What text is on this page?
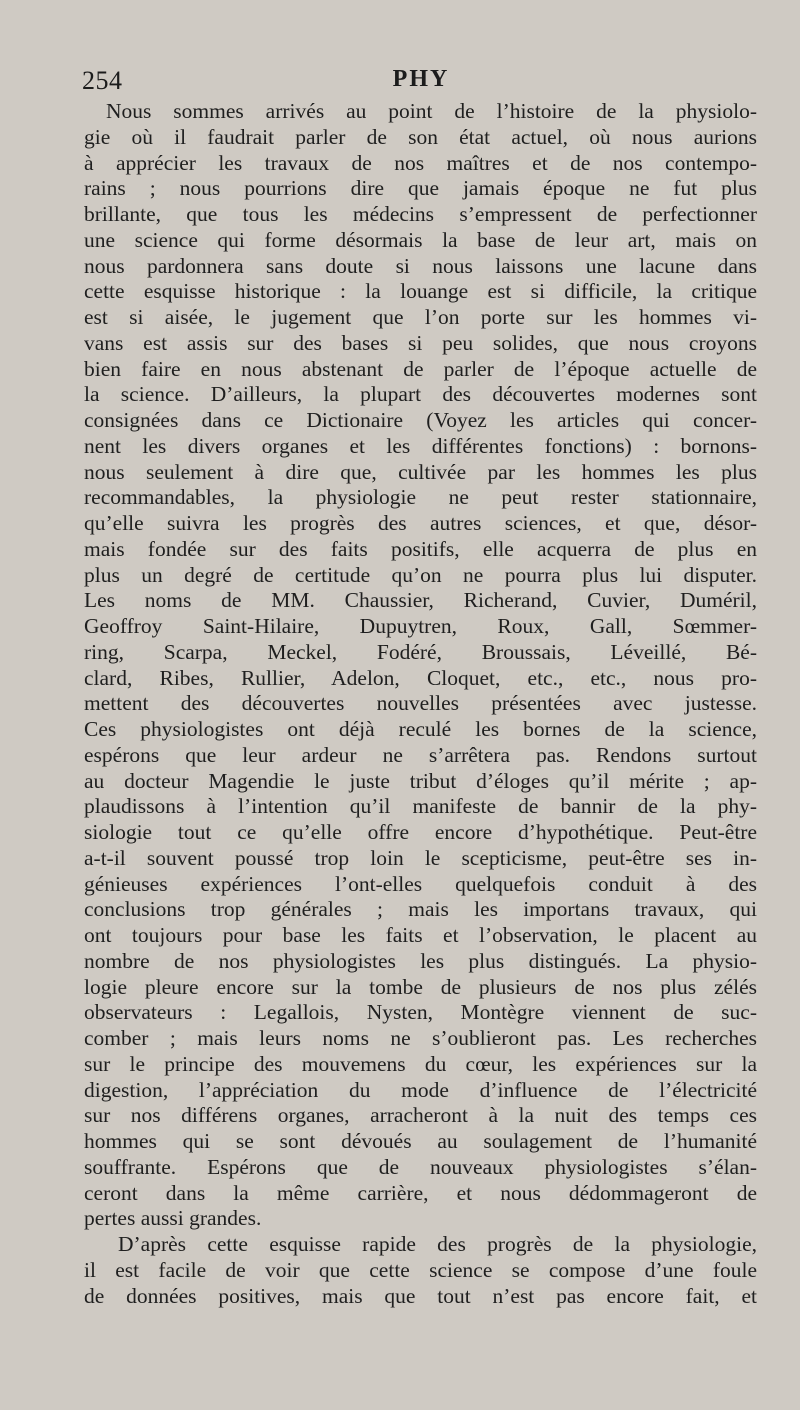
254	PHY
Nous sommes arrivés au point de l’histoire de la physiolo-
gie où il faudrait parler de son état actuel, où nous aurions
à apprécier les travaux de nos maîtres et de nos contempo-
rains ; nous pourrions dire que jamais époque ne fut plus
brillante, que tous les médecins s’empressent de perfectionner
une science qui forme désormais la base de leur art, mais on
nous pardonnera sans doute si nous laissons une lacune dans
cette esquisse historique : la louange est si difficile, la critique
est si aisée, le jugement que l’on porte sur les hommes vi-
vans est assis sur des bases si peu solides, que nous croyons
bien faire en nous abstenant de parler de l’époque actuelle de
la science. D’ailleurs, la plupart des découvertes modernes sont
consignées dans ce Dictionaire (Voyez les articles qui concer-
nent les divers organes et les différentes fonctions) : bornons-
nous seulement à dire que, cultivée par les hommes les plus
recommandables, la physiologie ne peut rester stationnaire,
qu’elle suivra les progrès des autres sciences, et que, désor-
mais fondée sur des faits positifs, elle acquerra de plus en
plus un degré de certitude qu’on ne pourra plus lui disputer.
Les noms de MM. Chaussier, Richerand, Cuvier, Duméril,
Geoffroy Saint-Hilaire, Dupuytren, Roux, Gall, Sœmmer-
ring, Scarpa, Meckel, Fodéré, Broussais, Léveillé, Bé-
clard, Ribes, Rullier, Adelon, Cloquet, etc., etc., nous pro-
mettent des découvertes nouvelles présentées avec justesse.
Ces physiologistes ont déjà reculé les bornes de la science,
espérons que leur ardeur ne s’arrêtera pas. Rendons surtout
au docteur Magendie le juste tribut d’éloges qu’il mérite ; ap-
plaudissons à l’intention qu’il manifeste de bannir de la phy-
siologie tout ce qu’elle offre encore d’hypothétique. Peut-être
a-t-il souvent poussé trop loin le scepticisme, peut-être ses in-
génieuses expériences l’ont-elles quelquefois conduit à des
conclusions trop générales ; mais les importans travaux, qui
ont toujours pour base les faits et l’observation, le placent au
nombre de nos physiologistes les plus distingués. La physio-
logie pleure encore sur la tombe de plusieurs de nos plus zélés
observateurs : Legallois, Nysten, Montègre viennent de suc-
comber ; mais leurs noms ne s’oublieront pas. Les recherches
sur le principe des mouvemens du cœur, les expériences sur la
digestion, l’appréciation du mode d’influence de l’électricité
sur nos différens organes, arracheront à la nuit des temps ces
hommes qui se sont dévoués au soulagement de l’humanité
souffrante. Espérons que de nouveaux physiologistes s’élan-
ceront dans la même carrière, et nous dédommageront de
pertes aussi grandes.
D’après cette esquisse rapide des progrès de la physiologie,
il est facile de voir que cette science se compose d’une foule
de données positives, mais que tout n’est pas encore fait, et
